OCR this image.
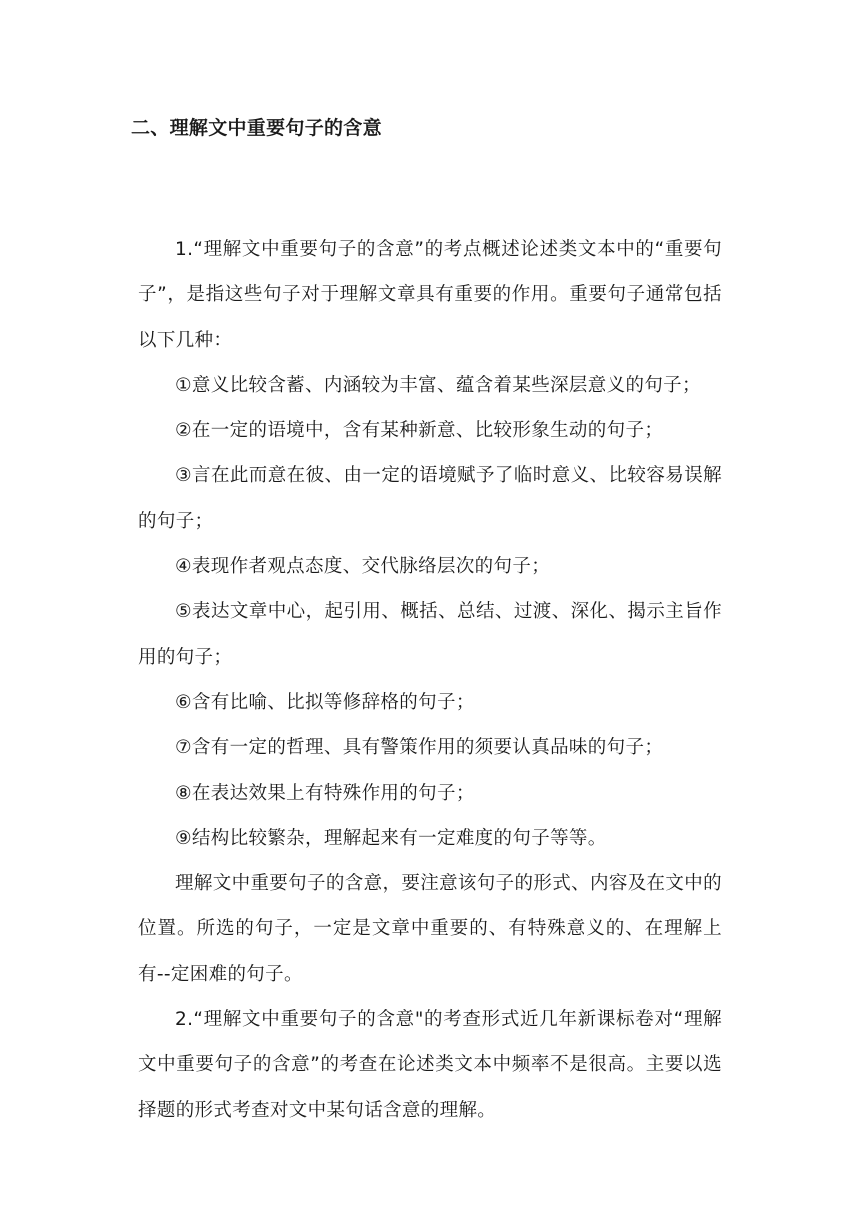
二、理解文中重要句子的含意

1.“理解文中重要句子的含意”的考点概述论述类文本中的“重要句子”，是指这些句子对于理解文章具有重要的作用。重要句子通常包括以下几种：

①意义比较含蓄、内涵较为丰富、蕴含着某些深层意义的句子；

②在一定的语境中，含有某种新意、比较形象生动的句子；

③言在此而意在彼、由一定的语境赋予了临时意义、比较容易误解的句子；

④表现作者观点态度、交代脉络层次的句子；

⑤表达文章中心，起引用、概括、总结、过渡、深化、揭示主旨作用的句子；

⑥含有比喻、比拟等修辞格的句子；

⑦含有一定的哲理、具有警策作用的须要认真品味的句子；

⑧在表达效果上有特殊作用的句子；

⑨结构比较繁杂，理解起来有一定难度的句子等等。

理解文中重要句子的含意，要注意该句子的形式、内容及在文中的位置。所选的句子，一定是文章中重要的、有特殊意义的、在理解上有--定困难的句子。

2.“理解文中重要句子的含意"的考查形式近几年新课标卷对“理解文中重要句子的含意”的考查在论述类文本中频率不是很高。主要以选择题的形式考查对文中某句话含意的理解。
